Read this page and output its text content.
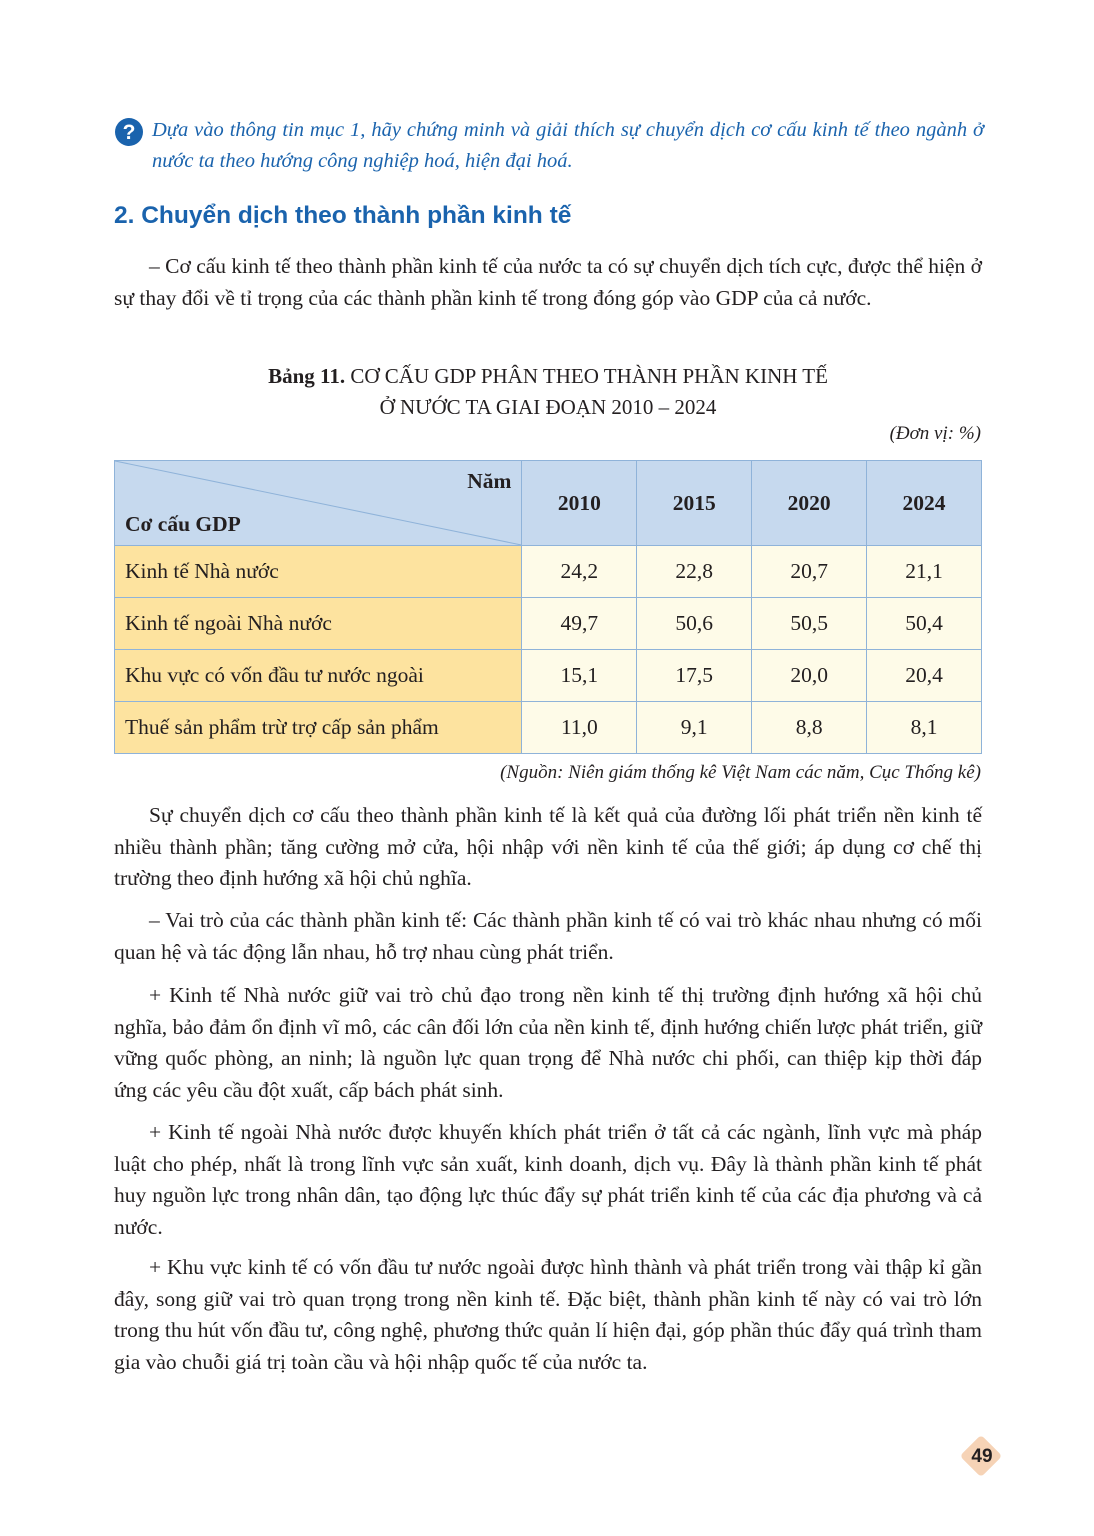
? Dựa vào thông tin mục 1, hãy chứng minh và giải thích sự chuyển dịch cơ cấu kinh tế theo ngành ở nước ta theo hướng công nghiệp hoá, hiện đại hoá.
2. Chuyển dịch theo thành phần kinh tế

– Cơ cấu kinh tế theo thành phần kinh tế của nước ta có sự chuyển dịch tích cực, được thể hiện ở sự thay đổi về tỉ trọng của các thành phần kinh tế trong đóng góp vào GDP của cả nước.

Bảng 11. CƠ CẤU GDP PHÂN THEO THÀNH PHẦN KINH TẾ
Ở NƯỚC TA GIAI ĐOẠN 2010 – 2024
(Đơn vị: %)
Năm
Cơ cấu GDP	2010	2015	2020	2024
Kinh tế Nhà nước	24,2	22,8	20,7	21,1
Kinh tế ngoài Nhà nước	49,7	50,6	50,5	50,4
Khu vực có vốn đầu tư nước ngoài	15,1	17,5	20,0	20,4
Thuế sản phẩm trừ trợ cấp sản phẩm	11,0	9,1	8,8	8,1
(Nguồn: Niên giám thống kê Việt Nam các năm, Cục Thống kê)

Sự chuyển dịch cơ cấu theo thành phần kinh tế là kết quả của đường lối phát triển nền kinh tế nhiều thành phần; tăng cường mở cửa, hội nhập với nền kinh tế của thế giới; áp dụng cơ chế thị trường theo định hướng xã hội chủ nghĩa.

– Vai trò của các thành phần kinh tế: Các thành phần kinh tế có vai trò khác nhau nhưng có mối quan hệ và tác động lẫn nhau, hỗ trợ nhau cùng phát triển.

+ Kinh tế Nhà nước giữ vai trò chủ đạo trong nền kinh tế thị trường định hướng xã hội chủ nghĩa, bảo đảm ổn định vĩ mô, các cân đối lớn của nền kinh tế, định hướng chiến lược phát triển, giữ vững quốc phòng, an ninh; là nguồn lực quan trọng để Nhà nước chi phối, can thiệp kịp thời đáp ứng các yêu cầu đột xuất, cấp bách phát sinh.

+ Kinh tế ngoài Nhà nước được khuyến khích phát triển ở tất cả các ngành, lĩnh vực mà pháp luật cho phép, nhất là trong lĩnh vực sản xuất, kinh doanh, dịch vụ. Đây là thành phần kinh tế phát huy nguồn lực trong nhân dân, tạo động lực thúc đẩy sự phát triển kinh tế của các địa phương và cả nước.

+ Khu vực kinh tế có vốn đầu tư nước ngoài được hình thành và phát triển trong vài thập kỉ gần đây, song giữ vai trò quan trọng trong nền kinh tế. Đặc biệt, thành phần kinh tế này có vai trò lớn trong thu hút vốn đầu tư, công nghệ, phương thức quản lí hiện đại, góp phần thúc đẩy quá trình tham gia vào chuỗi giá trị toàn cầu và hội nhập quốc tế của nước ta.

49
